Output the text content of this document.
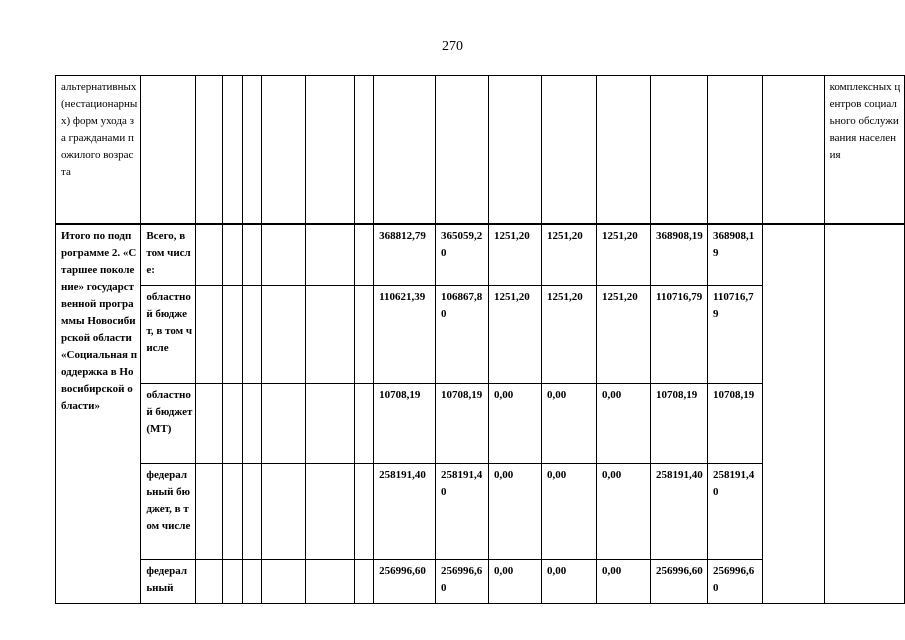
270
альтернативных (нестационарных) форм ухода за гражданами пожилого возраста																комплексных центров социального обслуживания населения
Итого по подпрограмме 2. «Старшее поколение» государственной программы Новосибирской области «Социальная поддержка в Новосибирской области»	Всего, в том числе:							368812,79	365059,20	1251,20	1251,20	1251,20	368908,19	368908,19		
	областной бюджет, в том числе							110621,39	106867,80	1251,20	1251,20	1251,20	110716,79	110716,79		
	областной бюджет (МТ)							10708,19	10708,19	0,00	0,00	0,00	10708,19	10708,19		
	федеральный бюджет, в том числе							258191,40	258191,40	0,00	0,00	0,00	258191,40	258191,40		
	федеральный							256996,60	256996,60	0,00	0,00	0,00	256996,60	256996,60		
